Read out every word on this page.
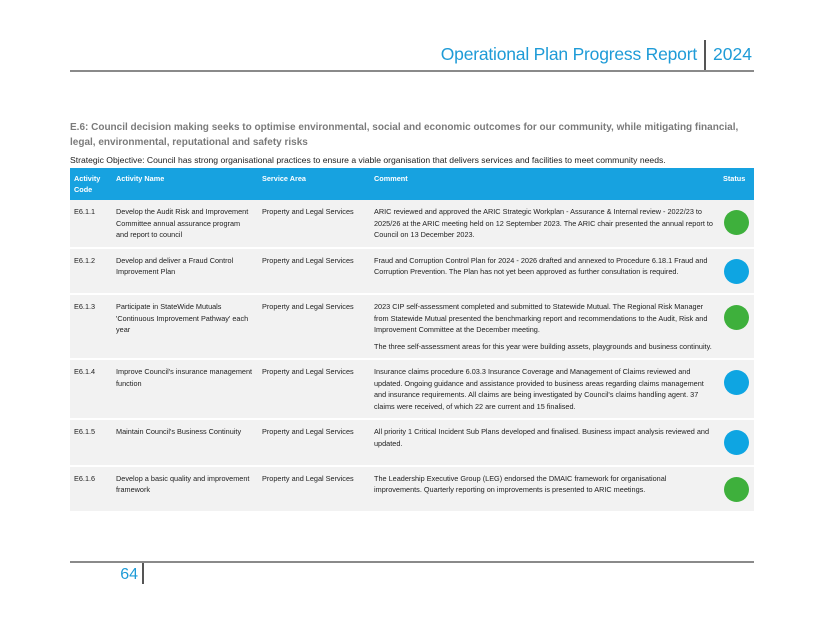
Operational Plan Progress Report 2024
E.6: Council decision making seeks to optimise environmental, social and economic outcomes for our community, while mitigating financial, legal, environmental, reputational and safety risks
Strategic Objective: Council has strong organisational practices to ensure a viable organisation that delivers services and facilities to meet community needs.
Activity Code	Activity Name	Service Area	Comment	Status
E6.1.1	Develop the Audit Risk and Improvement Committee annual assurance program and report to council	Property and Legal Services	ARIC reviewed and approved the ARIC Strategic Workplan - Assurance & Internal review - 2022/23 to 2025/26 at the ARIC meeting held on 12 September 2023. The ARIC chair presented the annual report to Council on 13 December 2023.	

E6.1.2	Develop and deliver a Fraud Control Improvement Plan	Property and Legal Services	Fraud and Corruption Control Plan for 2024 - 2026 drafted and annexed to Procedure 6.18.1 Fraud and Corruption Prevention. The Plan has not yet been approved as further consultation is required.	

E6.1.3	Participate in StateWide Mutuals 'Continuous Improvement Pathway' each year	Property and Legal Services	2023 CIP self-assessment completed and submitted to Statewide Mutual. The Regional Risk Manager from Statewide Mutual presented the benchmarking report and recommendations to the Audit, Risk and Improvement Committee at the December meeting.

The three self-assessment areas for this year were building assets, playgrounds and business continuity.	

E6.1.4	Improve Council's insurance management function	Property and Legal Services	Insurance claims procedure 6.03.3 Insurance Coverage and Management of Claims reviewed and updated. Ongoing guidance and assistance provided to business areas regarding claims management and insurance requirements. All claims are being investigated by Council's claims handling agent. 37 claims were received, of which 22 are current and 15 finalised.	

E6.1.5	Maintain Council's Business Continuity	Property and Legal Services	All priority 1 Critical Incident Sub Plans developed and finalised. Business impact analysis reviewed and updated.	

E6.1.6	Develop a basic quality and improvement framework	Property and Legal Services	The Leadership Executive Group (LEG) endorsed the DMAIC framework for organisational improvements. Quarterly reporting on improvements is presented to ARIC meetings.	

64
